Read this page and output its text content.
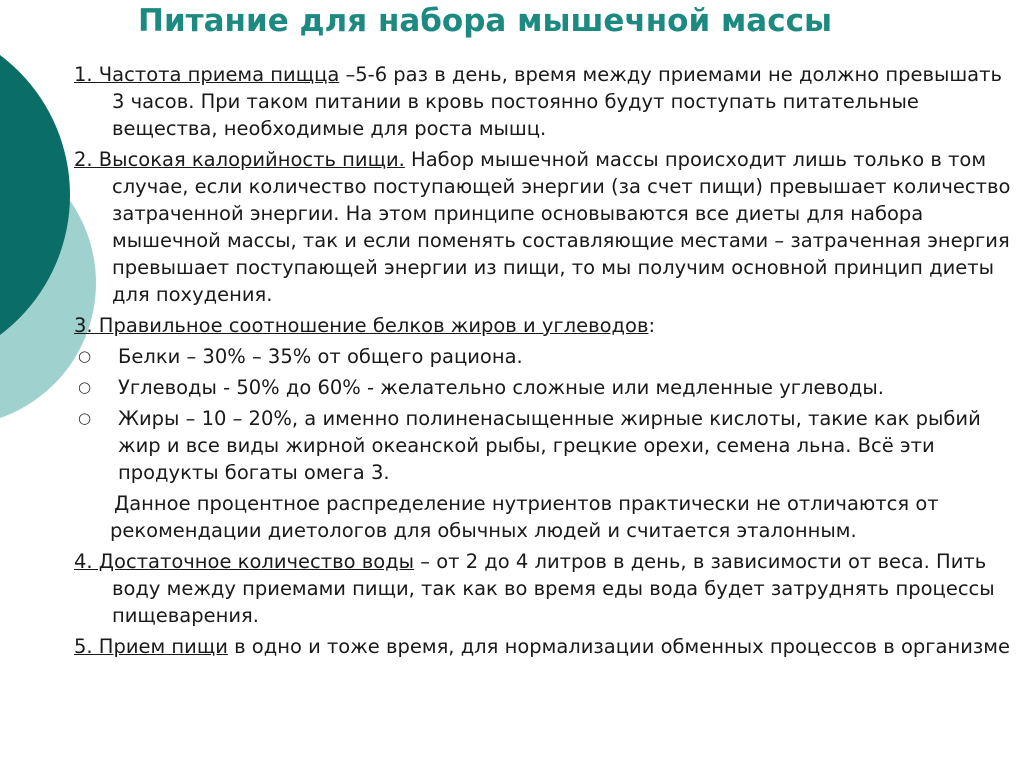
Питание для набора мышечной массы

1. Частота приема пищца –5-6 раз в день, время между приемами не должно превышать 3 часов. При таком питании в кровь постоянно будут поступать питательные вещества, необходимые для роста мышц.

2. Высокая калорийность пищи. Набор мышечной массы происходит лишь только в том случае, если количество поступающей энергии (за счет пищи) превышает количество затраченной энергии. На этом принципе основываются все диеты для набора мышечной массы, так и если поменять составляющие местами – затраченная энергия превышает поступающей энергии из пищи, то мы получим основной принцип диеты для похудения.

3. Правильное соотношение белков жиров и углеводов:

○ Белки – 30% – 35% от общего рациона.
○ Углеводы - 50% до 60% - желательно сложные или медленные углеводы.
○ Жиры – 10 – 20%, а именно полиненасыщенные жирные кислоты, такие как рыбий жир и все виды жирной океанской рыбы, грецкие орехи, семена льна. Всё эти продукты богаты омега 3.

Данное процентное распределение нутриентов практически не отличаются от рекомендации диетологов для обычных людей и считается эталонным.

4. Достаточное количество воды – от 2 до 4 литров в день, в зависимости от веса. Пить воду между приемами пищи, так как во время еды вода будет затруднять процессы пищеварения.

5. Прием пищи в одно и тоже время, для нормализации обменных процессов в организме
